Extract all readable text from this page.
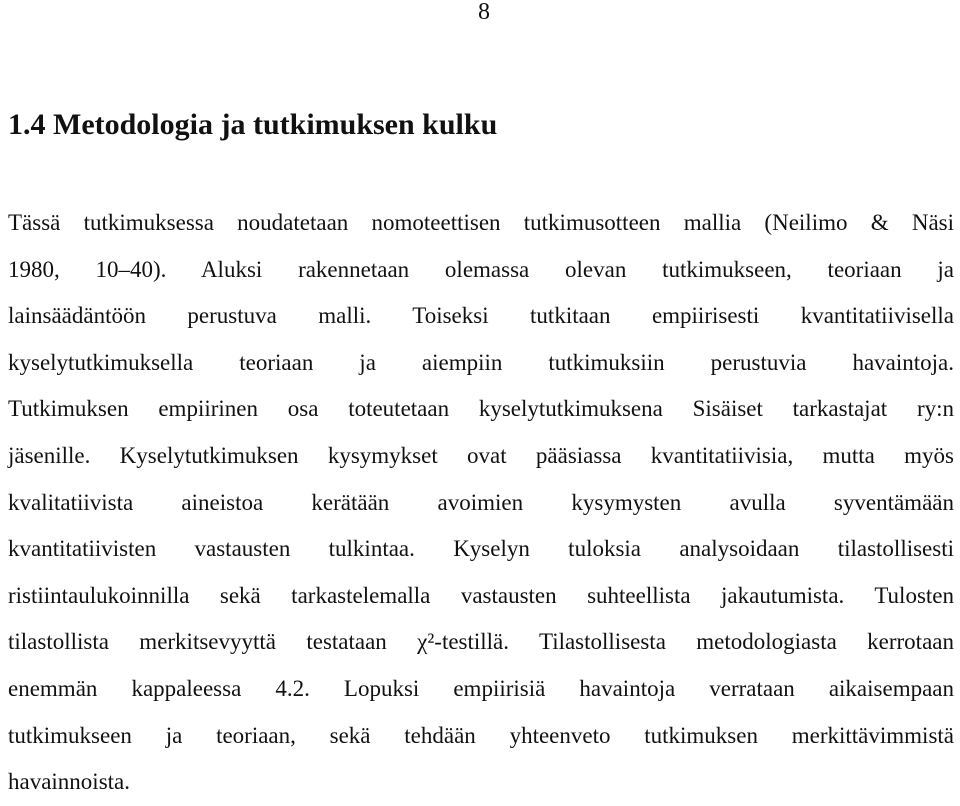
8
1.4 Metodologia ja tutkimuksen kulku
Tässä tutkimuksessa noudatetaan nomoteettisen tutkimusotteen mallia (Neilimo & Näsi
1980, 10–40). Aluksi rakennetaan olemassa olevan tutkimukseen, teoriaan ja
lainsäädäntöön perustuva malli. Toiseksi tutkitaan empiirisesti kvantitatiivisella
kyselytutkimuksella teoriaan ja aiempiin tutkimuksiin perustuvia havaintoja.
Tutkimuksen empiirinen osa toteutetaan kyselytutkimuksena Sisäiset tarkastajat ry:n
jäsenille. Kyselytutkimuksen kysymykset ovat pääsiassa kvantitatiivisia, mutta myös
kvalitatiivista aineistoa kerätään avoimien kysymysten avulla syventämään
kvantitatiivisten vastausten tulkintaa. Kyselyn tuloksia analysoidaan tilastollisesti
ristiintaulukoinnilla sekä tarkastelemalla vastausten suhteellista jakautumista. Tulosten
tilastollista merkitsevyyttä testataan χ²-testillä. Tilastollisesta metodologiasta kerrotaan
enemmän kappaleessa 4.2. Lopuksi empiirisiä havaintoja verrataan aikaisempaan
tutkimukseen ja teoriaan, sekä tehdään yhteenveto tutkimuksen merkittävimmistä
havainnoista.
